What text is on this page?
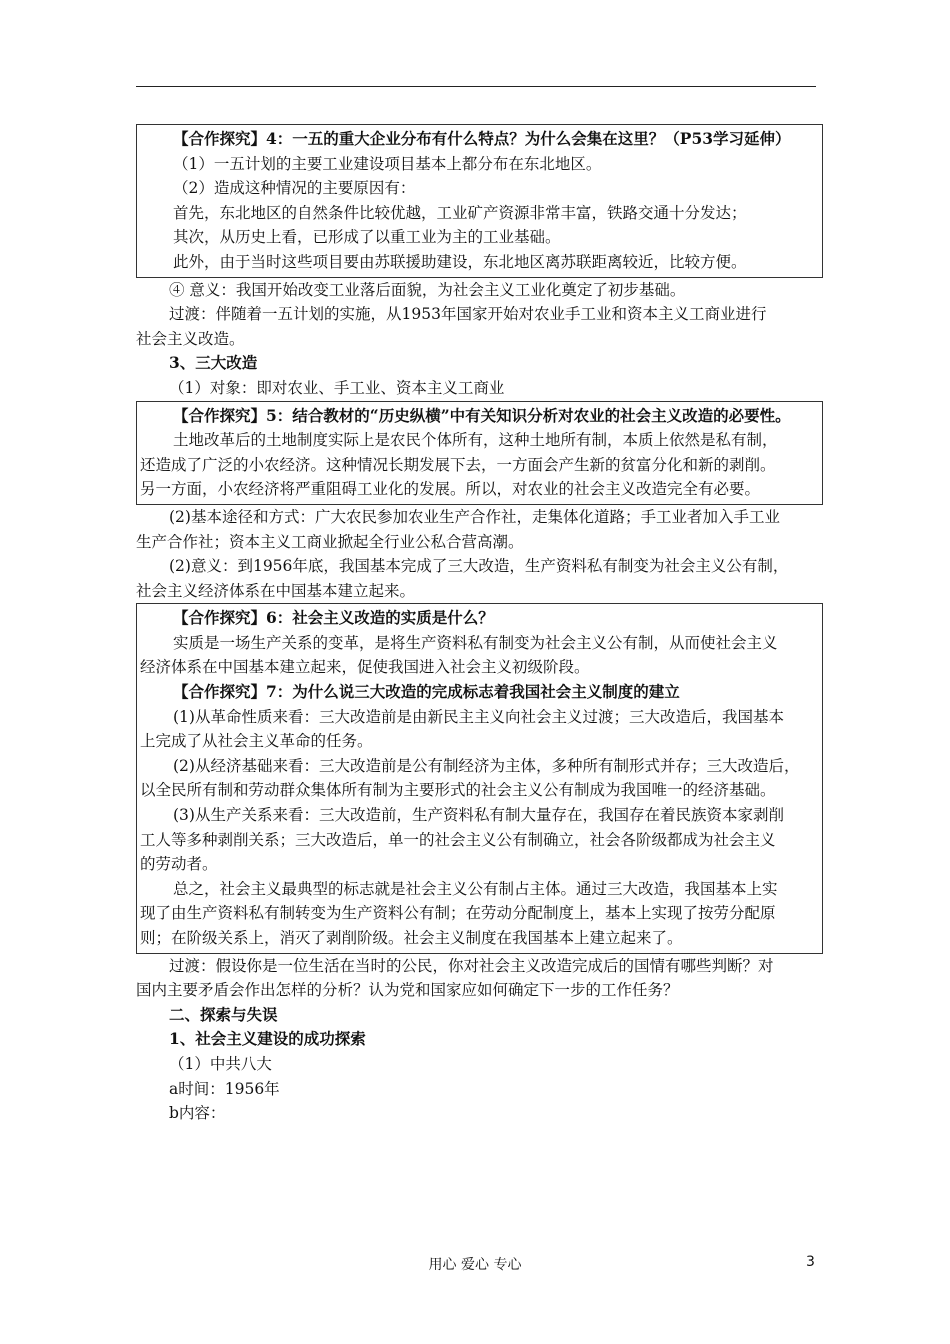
【合作探究】4：一五的重大企业分布有什么特点？为什么会集在这里？（P53学习延伸）

（1）一五计划的主要工业建设项目基本上都分布在东北地区。

（2）造成这种情况的主要原因有：

首先，东北地区的自然条件比较优越，工业矿产资源非常丰富，铁路交通十分发达；

其次，从历史上看，已形成了以重工业为主的工业基础。

此外，由于当时这些项目要由苏联援助建设，东北地区离苏联距离较近，比较方便。

④ 意义：我国开始改变工业落后面貌，为社会主义工业化奠定了初步基础。

过渡：伴随着一五计划的实施，从1953年国家开始对农业手工业和资本主义工商业进行

社会主义改造。

3、三大改造

（1）对象：即对农业、手工业、资本主义工商业

【合作探究】5：结合教材的“历史纵横”中有关知识分析对农业的社会主义改造的必要性。

土地改革后的土地制度实际上是农民个体所有，这种土地所有制，本质上依然是私有制，

还造成了广泛的小农经济。这种情况长期发展下去，一方面会产生新的贫富分化和新的剥削。

另一方面，小农经济将严重阻碍工业化的发展。所以，对农业的社会主义改造完全有必要。

(2)基本途径和方式：广大农民参加农业生产合作社，走集体化道路；手工业者加入手工业

生产合作社；资本主义工商业掀起全行业公私合营高潮。

(2)意义：到1956年底，我国基本完成了三大改造，生产资料私有制变为社会主义公有制，

社会主义经济体系在中国基本建立起来。

【合作探究】6：社会主义改造的实质是什么？

实质是一场生产关系的变革，是将生产资料私有制变为社会主义公有制，从而使社会主义

经济体系在中国基本建立起来，促使我国进入社会主义初级阶段。

【合作探究】7：为什么说三大改造的完成标志着我国社会主义制度的建立

(1)从革命性质来看：三大改造前是由新民主主义向社会主义过渡；三大改造后，我国基本

上完成了从社会主义革命的任务。

(2)从经济基础来看：三大改造前是公有制经济为主体，多种所有制形式并存；三大改造后，

以全民所有制和劳动群众集体所有制为主要形式的社会主义公有制成为我国唯一的经济基础。

(3)从生产关系来看：三大改造前，生产资料私有制大量存在，我国存在着民族资本家剥削

工人等多种剥削关系；三大改造后，单一的社会主义公有制确立，社会各阶级都成为社会主义

的劳动者。

总之，社会主义最典型的标志就是社会主义公有制占主体。通过三大改造，我国基本上实

现了由生产资料私有制转变为生产资料公有制；在劳动分配制度上，基本上实现了按劳分配原

则；在阶级关系上，消灭了剥削阶级。社会主义制度在我国基本上建立起来了。

过渡：假设你是一位生活在当时的公民，你对社会主义改造完成后的国情有哪些判断？对

国内主要矛盾会作出怎样的分析？认为党和国家应如何确定下一步的工作任务？

二、探索与失误

1、社会主义建设的成功探索

（1）中共八大

a时间：1956年

b内容：

用心 爱心 专心	3
